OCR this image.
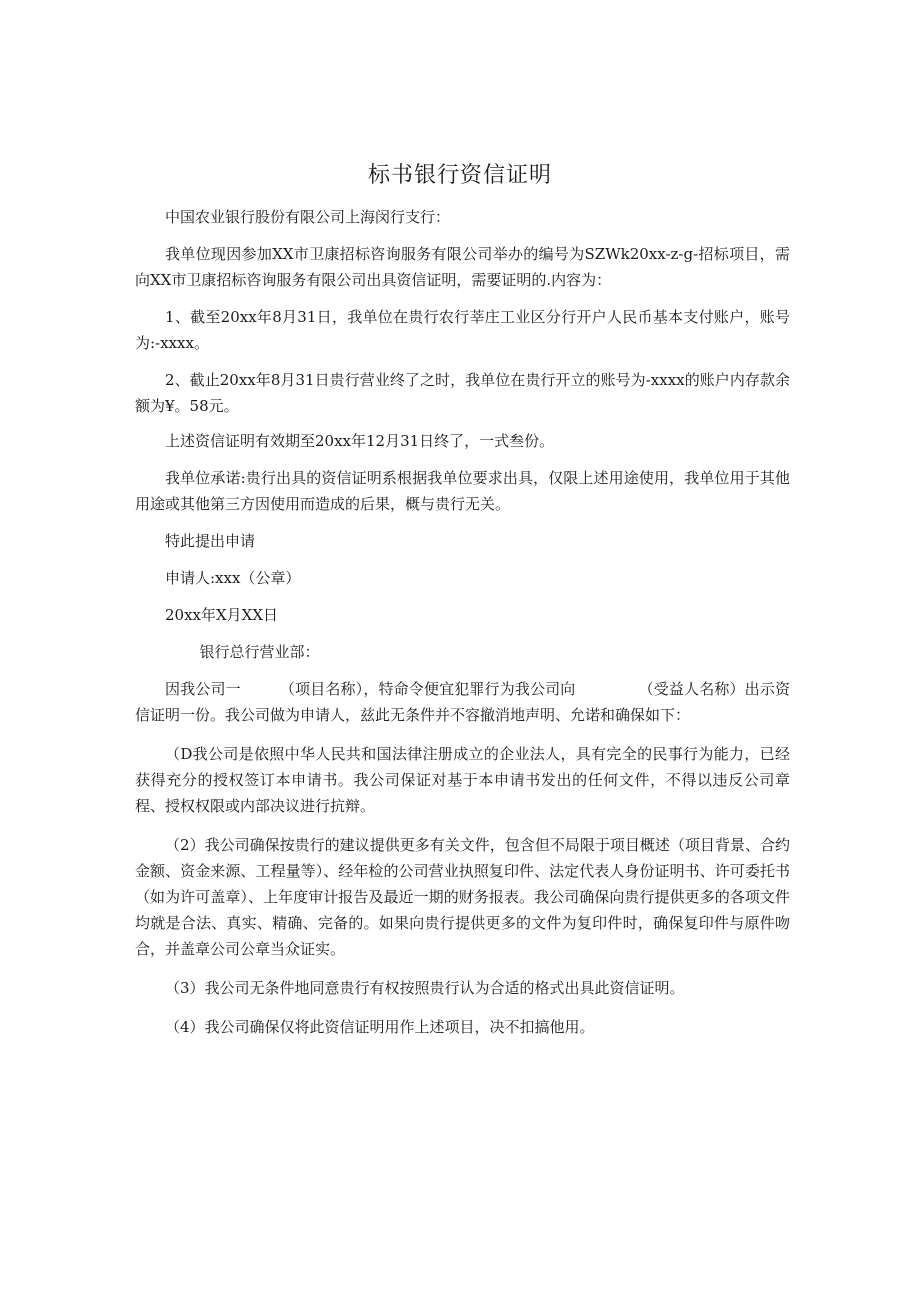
标书银行资信证明

中国农业银行股份有限公司上海闵行支行：

我单位现因参加XX市卫康招标咨询服务有限公司举办的编号为SZWk20xx-z-g-招标项目，需向XX市卫康招标咨询服务有限公司出具资信证明，需要证明的.内容为：

1、截至20xx年8月31日，我单位在贵行农行莘庄工业区分行开户人民币基本支付账户，账号为:-xxxx。

2、截止20xx年8月31日贵行营业终了之时，我单位在贵行开立的账号为-xxxx的账户内存款余额为¥。58元。

上述资信证明有效期至20xx年12月31日终了，一式叁份。

我单位承诺:贵行出具的资信证明系根据我单位要求出具，仅限上述用途使用，我单位用于其他用途或其他第三方因使用而造成的后果，概与贵行无关。

特此提出申请

申请人:xxx（公章）

20xx年X月XX日

银行总行营业部：

因我公司一	（项目名称），特命令便宜犯罪行为我公司向	（受益人名称）出示资信证明一份。我公司做为申请人，兹此无条件并不容撤消地声明、允诺和确保如下：

（D我公司是依照中华人民共和国法律注册成立的企业法人，具有完全的民事行为能力，已经获得充分的授权签订本申请书。我公司保证对基于本申请书发出的任何文件，不得以违反公司章程、授权权限或内部决议进行抗辩。

（2）我公司确保按贵行的建议提供更多有关文件，包含但不局限于项目概述（项目背景、合约金额、资金来源、工程量等）、经年检的公司营业执照复印件、法定代表人身份证明书、许可委托书（如为许可盖章）、上年度审计报告及最近一期的财务报表。我公司确保向贵行提供更多的各项文件均就是合法、真实、精确、完备的。如果向贵行提供更多的文件为复印件时，确保复印件与原件吻合，并盖章公司公章当众证实。

（3）我公司无条件地同意贵行有权按照贵行认为合适的格式出具此资信证明。

（4）我公司确保仅将此资信证明用作上述项目，决不扣搞他用。
